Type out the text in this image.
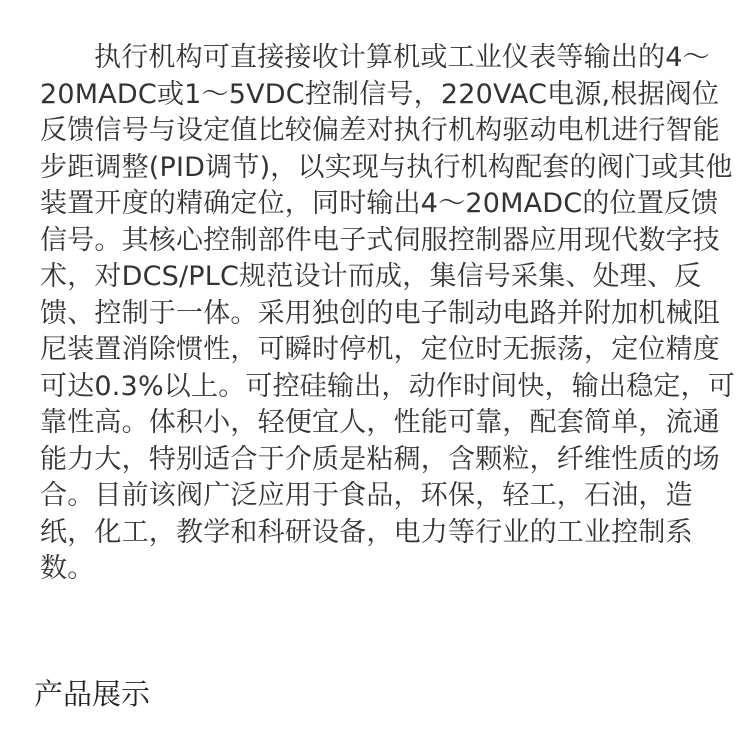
执行机构可直接接收计算机或工业仪表等输出的4～20MADC或1～5VDC控制信号，220VAC电源,根据阀位反馈信号与设定值比较偏差对执行机构驱动电机进行智能步距调整(PID调节)，以实现与执行机构配套的阀门或其他装置开度的精确定位，同时输出4～20MADC的位置反馈信号。其核心控制部件电子式伺服控制器应用现代数字技术，对DCS/PLC规范设计而成，集信号采集、处理、反馈、控制于一体。采用独创的电子制动电路并附加机械阻尼装置消除惯性，可瞬时停机，定位时无振荡，定位精度可达0.3%以上。可控硅输出，动作时间快，输出稳定，可靠性高。体积小，轻便宜人，性能可靠，配套简单，流通能力大，特别适合于介质是粘稠，含颗粒，纤维性质的场合。目前该阀广泛应用于食品，环保，轻工，石油，造纸，化工，教学和科研设备，电力等行业的工业控制系数。

产品展示
